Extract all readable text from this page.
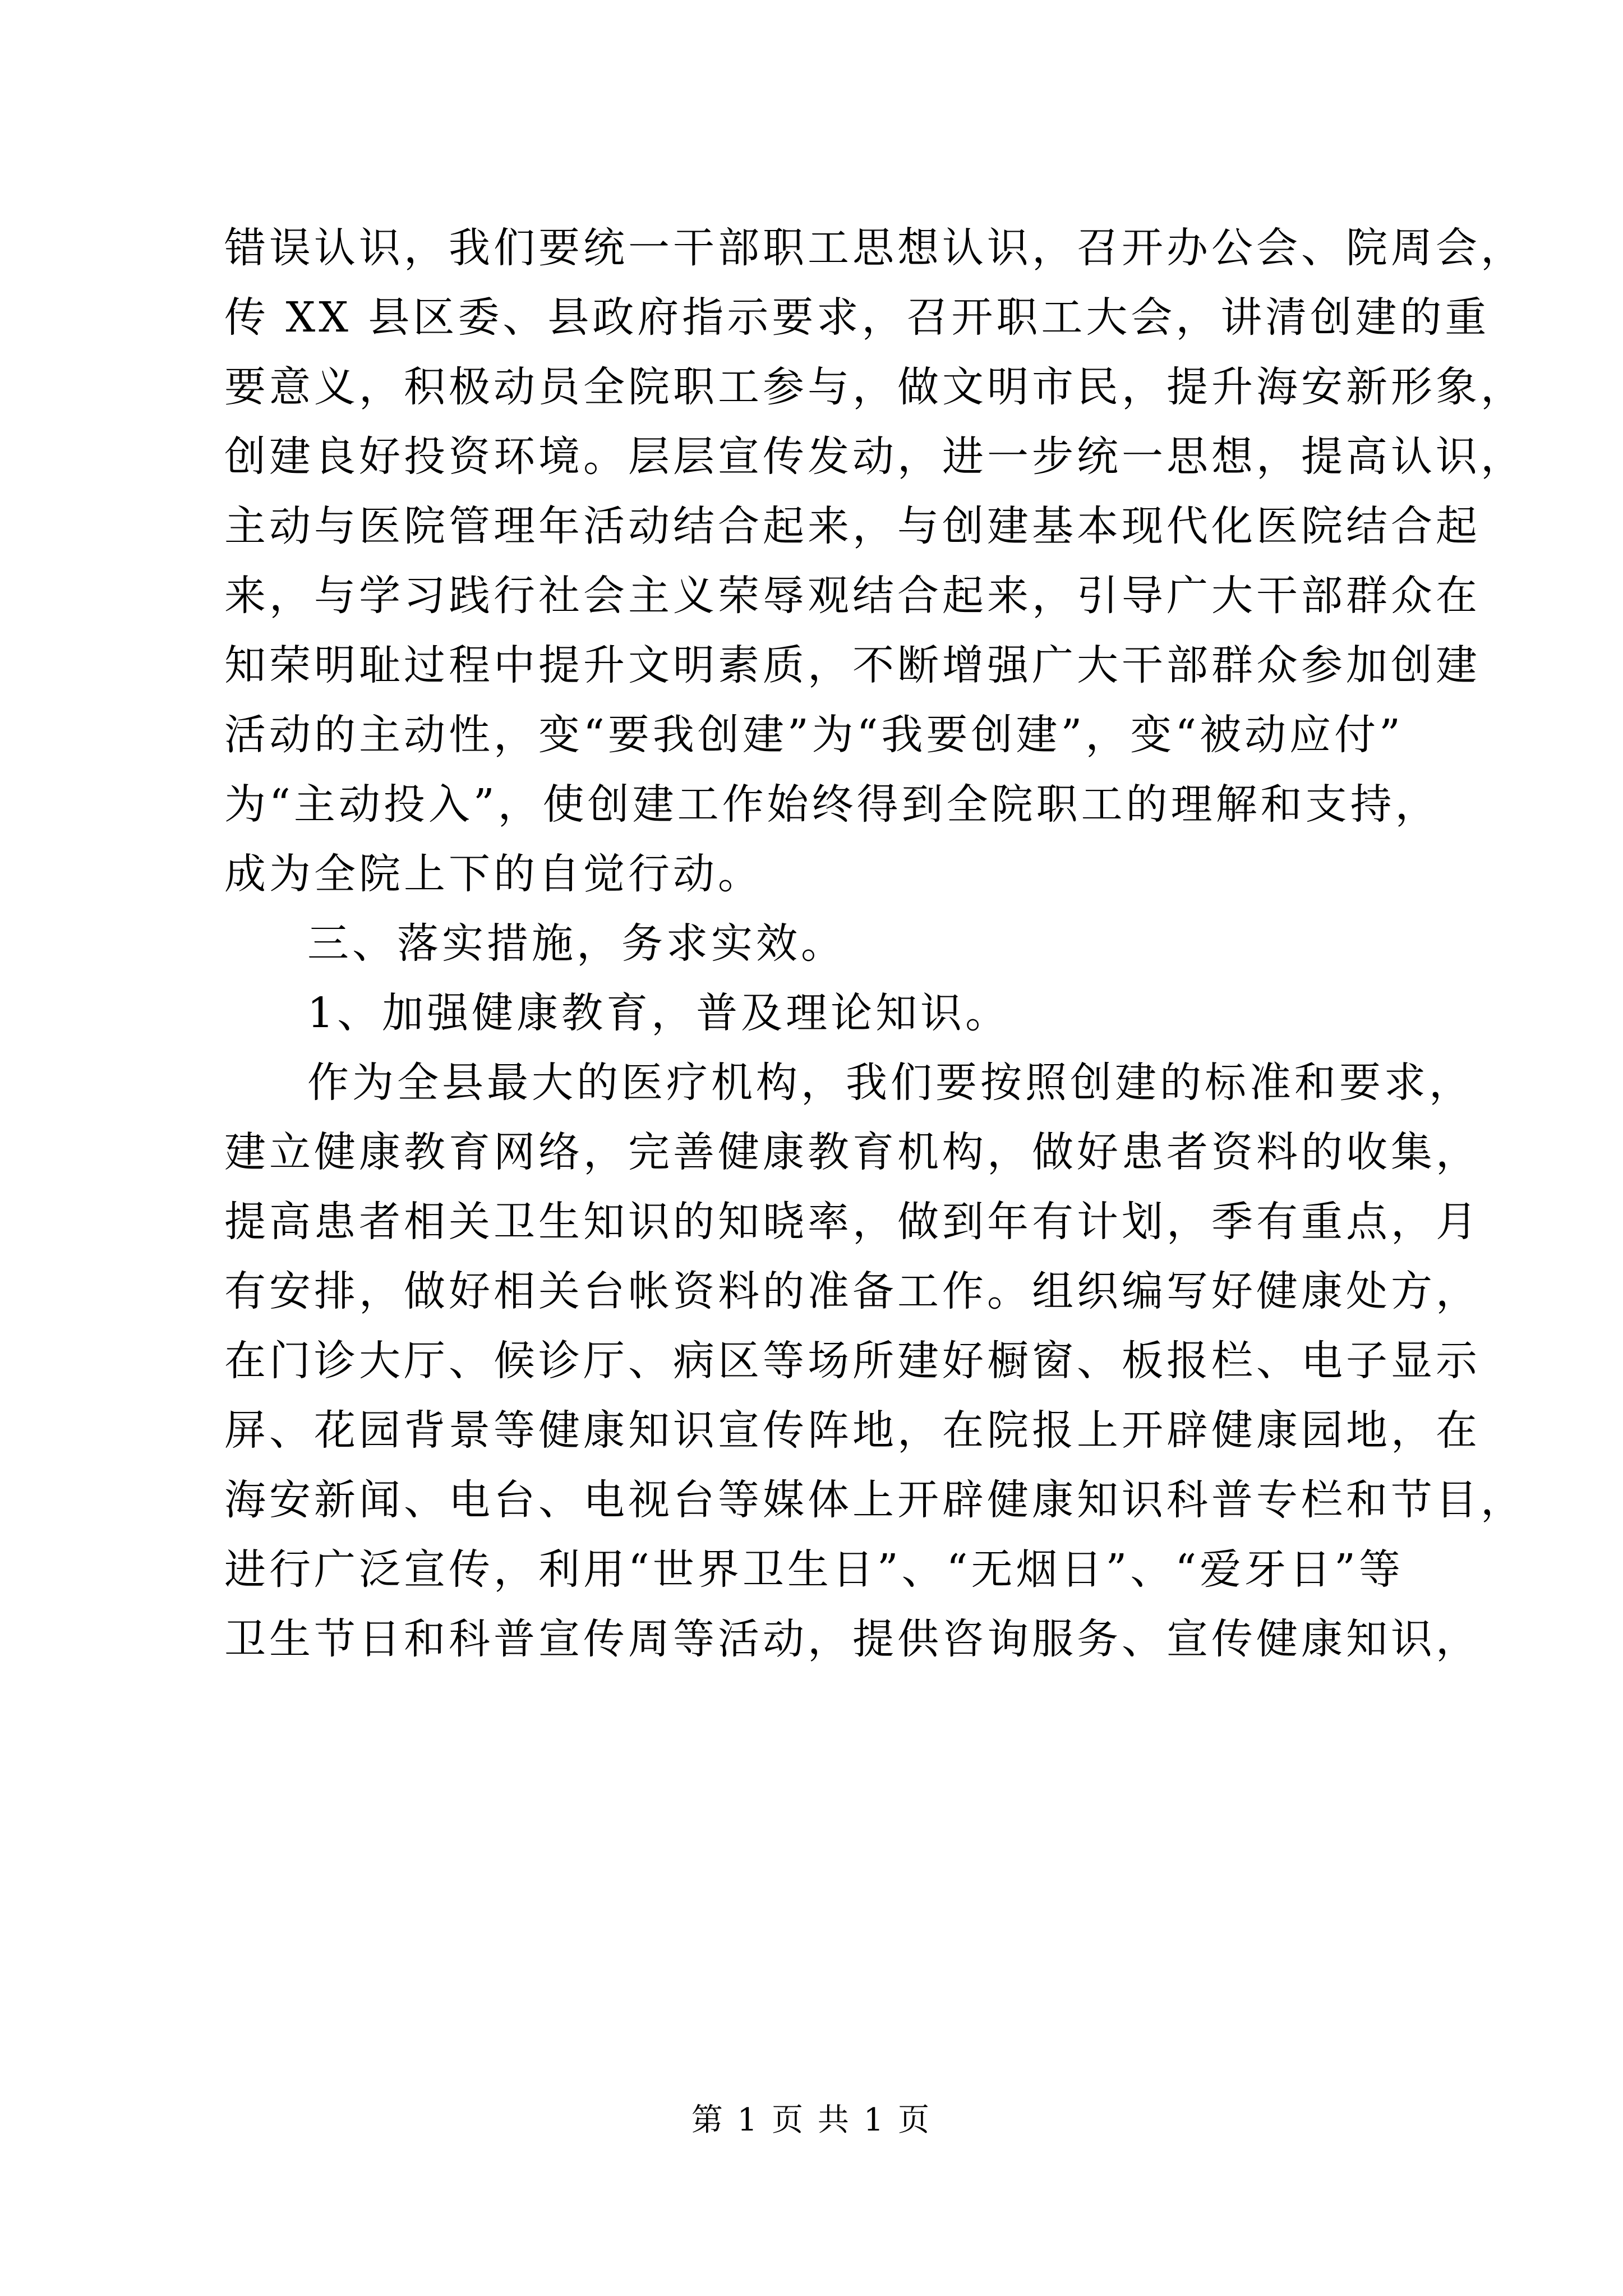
错误认识，我们要统一干部职工思想认识，召开办公会、院周会，
传 XX 县区委、县政府指示要求，召开职工大会，讲清创建的重
要意义，积极动员全院职工参与，做文明市民，提升海安新形象，
创建良好投资环境。层层宣传发动，进一步统一思想，提高认识，
主动与医院管理年活动结合起来，与创建基本现代化医院结合起
来，与学习践行社会主义荣辱观结合起来，引导广大干部群众在
知荣明耻过程中提升文明素质，不断增强广大干部群众参加创建
活动的主动性，变“要我创建”为“我要创建”，变“被动应付”
为“主动投入”，使创建工作始终得到全院职工的理解和支持，
成为全院上下的自觉行动。
三、落实措施，务求实效。
1、加强健康教育，普及理论知识。
作为全县最大的医疗机构，我们要按照创建的标准和要求，
建立健康教育网络，完善健康教育机构，做好患者资料的收集，
提高患者相关卫生知识的知晓率，做到年有计划，季有重点，月
有安排，做好相关台帐资料的准备工作。组织编写好健康处方，
在门诊大厅、候诊厅、病区等场所建好橱窗、板报栏、电子显示
屏、花园背景等健康知识宣传阵地，在院报上开辟健康园地，在
海安新闻、电台、电视台等媒体上开辟健康知识科普专栏和节目，
进行广泛宣传，利用“世界卫生日”、“无烟日”、“爱牙日”等
卫生节日和科普宣传周等活动，提供咨询服务、宣传健康知识，
第 1 页 共 1 页
